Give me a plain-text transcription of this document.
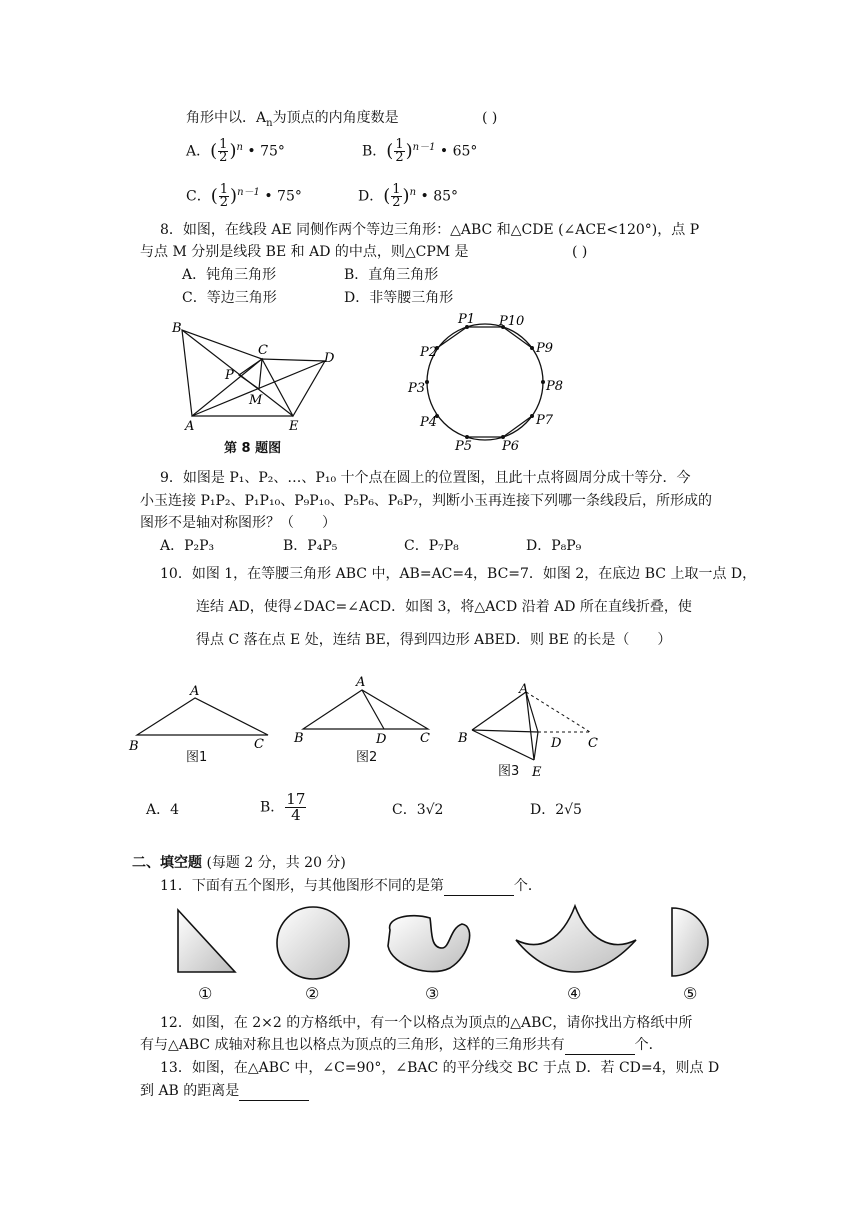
角形中以．$A_n$为顶点的内角度数是	( )
A．( $\frac{1}{2} )^n$ • 75°	B．( $\frac{1}{2} )^{n-1}$ • 65°
C．( $\frac{1}{2} )^{n-1}$ • 75°	D．( $\frac{1}{2} )^n$ • 85°
8．如图，在线段 AE 同侧作两个等边三角形：△ABC 和△CDE (∠ACE<120°)，点 P
与点 M 分别是线段 BE 和 AD 的中点，则△CPM 是	( )
A．钝角三角形	B．直角三角形
C．等边三角形	D．非等腰三角形
B
C
D
P
M
A	E
第 8 题图
P1 P10
P9
P8
P7
P6
P5
P4
P3
P2
9．如图是 P₁、P₂、…、P₁₀ 十个点在圆上的位置图，且此十点将圆周分成十等分．今
小玉连接 P₁P₂、P₁P₁₀、P₉P₁₀、P₅P₆、P₆P₇，判断小玉再连接下列哪一条线段后，所形成的
图形不是轴对称图形？（　　）
A．P₂P₃	B．P₄P₅	C．P₇P₈	D．P₈P₉
10．如图 1，在等腰三角形 ABC 中，AB=AC=4，BC=7．如图 2，在底边 BC 上取一点 D，
连结 AD，使得∠DAC=∠ACD．如图 3，将△ACD 沿着 AD 所在直线折叠，使
得点 C 落在点 E 处，连结 BE，得到四边形 ABED．则 BE 的长是（　　）
A
B	C
图1
A
B	D	C
图2
A
B	D C
E
图3
A．4	B． $\frac{17}{4}$	C．3√2	D．2√5
二、填空题 (每题 2 分，共 20 分)
11．下面有五个图形，与其他图形不同的是第	个．
①	②	③	④	⑤
12．如图，在 2×2 的方格纸中，有一个以格点为顶点的△ABC，请你找出方格纸中所
有与△ABC 成轴对称且也以格点为顶点的三角形，这样的三角形共有	个．
13．如图，在△ABC 中，∠C=90°，∠BAC 的平分线交 BC 于点 D．若 CD=4，则点 D
到 AB 的距离是
